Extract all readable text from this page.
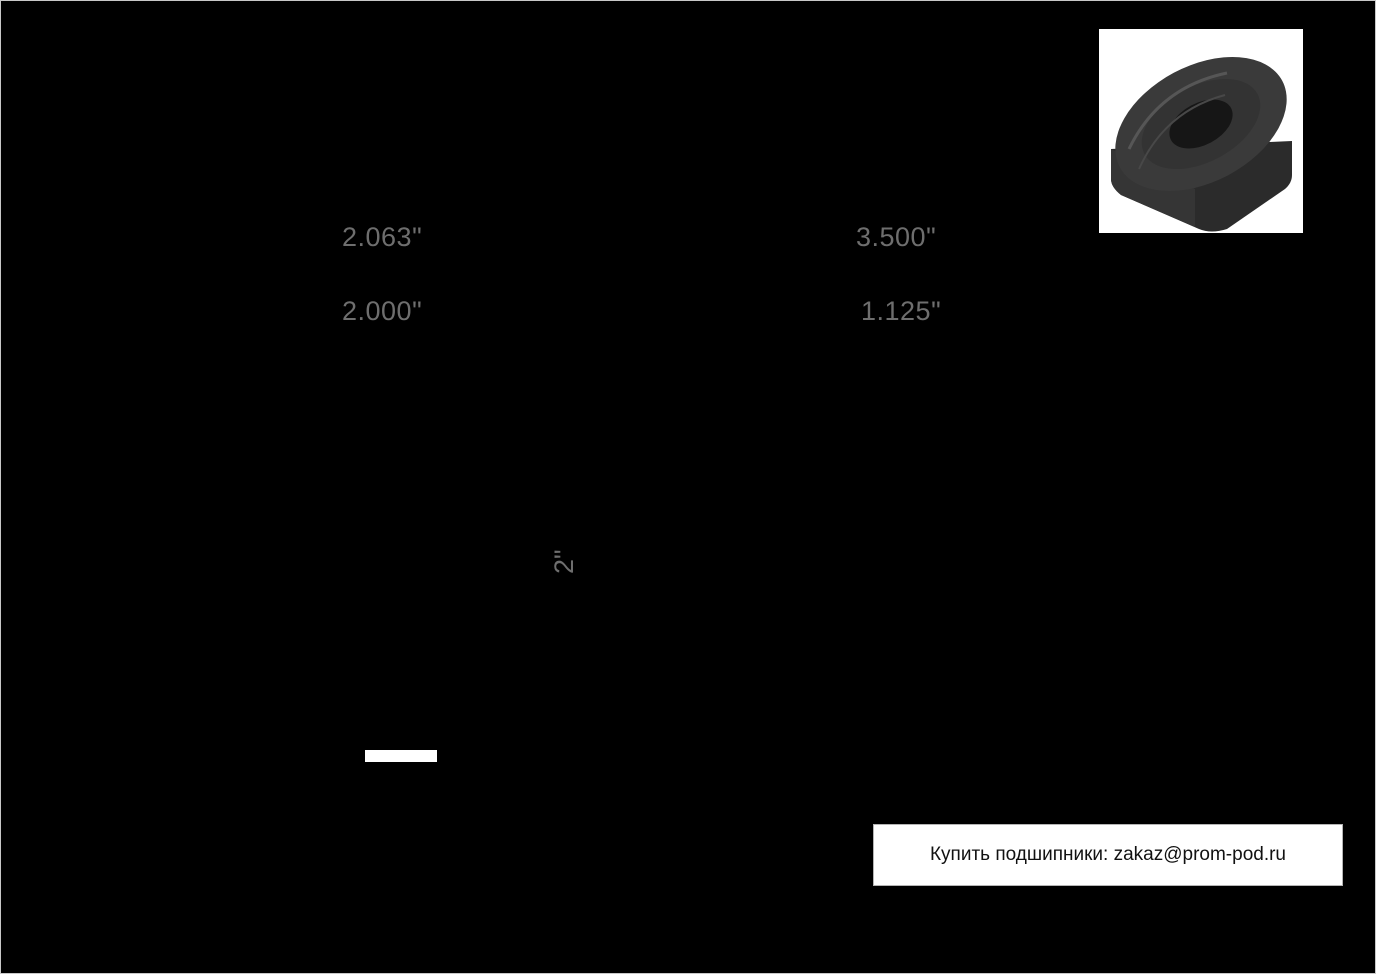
2.063"
2.000"
3.500"
1.125"
2"
Купить подшипники: zakaz@prom-pod.ru
